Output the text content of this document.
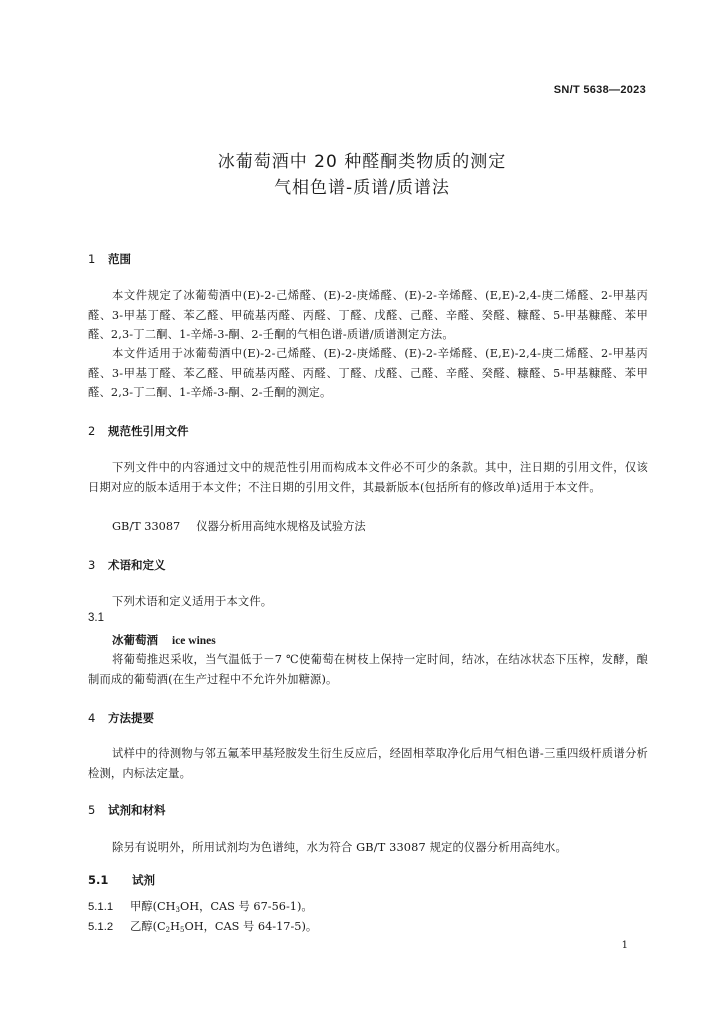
SN/T 5638—2023
冰葡萄酒中 20 种醛酮类物质的测定
气相色谱-质谱/质谱法
1 范围
本文件规定了冰葡萄酒中(E)-2-己烯醛、(E)-2-庚烯醛、(E)-2-辛烯醛、(E,E)-2,4-庚二烯醛、2-甲基丙醛、3-甲基丁醛、苯乙醛、甲硫基丙醛、丙醛、丁醛、戊醛、己醛、辛醛、癸醛、糠醛、5-甲基糠醛、苯甲醛、2,3-丁二酮、1-辛烯-3-酮、2-壬酮的气相色谱-质谱/质谱测定方法。
本文件适用于冰葡萄酒中(E)-2-己烯醛、(E)-2-庚烯醛、(E)-2-辛烯醛、(E,E)-2,4-庚二烯醛、2-甲基丙醛、3-甲基丁醛、苯乙醛、甲硫基丙醛、丙醛、丁醛、戊醛、己醛、辛醛、癸醛、糠醛、5-甲基糠醛、苯甲醛、2,3-丁二酮、1-辛烯-3-酮、2-壬酮的测定。
2 规范性引用文件
下列文件中的内容通过文中的规范性引用而构成本文件必不可少的条款。其中，注日期的引用文件，仅该日期对应的版本适用于本文件；不注日期的引用文件，其最新版本(包括所有的修改单)适用于本文件。
GB/T 33087 仪器分析用高纯水规格及试验方法
3 术语和定义
下列术语和定义适用于本文件。
3.1
冰葡萄酒 ice wines
将葡萄推迟采收，当气温低于－7 ℃使葡萄在树枝上保持一定时间，结冰，在结冰状态下压榨，发酵，酿制而成的葡萄酒(在生产过程中不允许外加糖源)。
4 方法提要
试样中的待测物与邻五氟苯甲基羟胺发生衍生反应后，经固相萃取净化后用气相色谱-三重四级杆质谱分析检测，内标法定量。
5 试剂和材料
除另有说明外，所用试剂均为色谱纯，水为符合 GB/T 33087 规定的仪器分析用高纯水。
5.1 试剂
5.1.1 甲醇($CH_3OH$，CAS 号 67-56-1)。
5.1.2 乙醇($C_2H_5OH$，CAS 号 64-17-5)。
1
